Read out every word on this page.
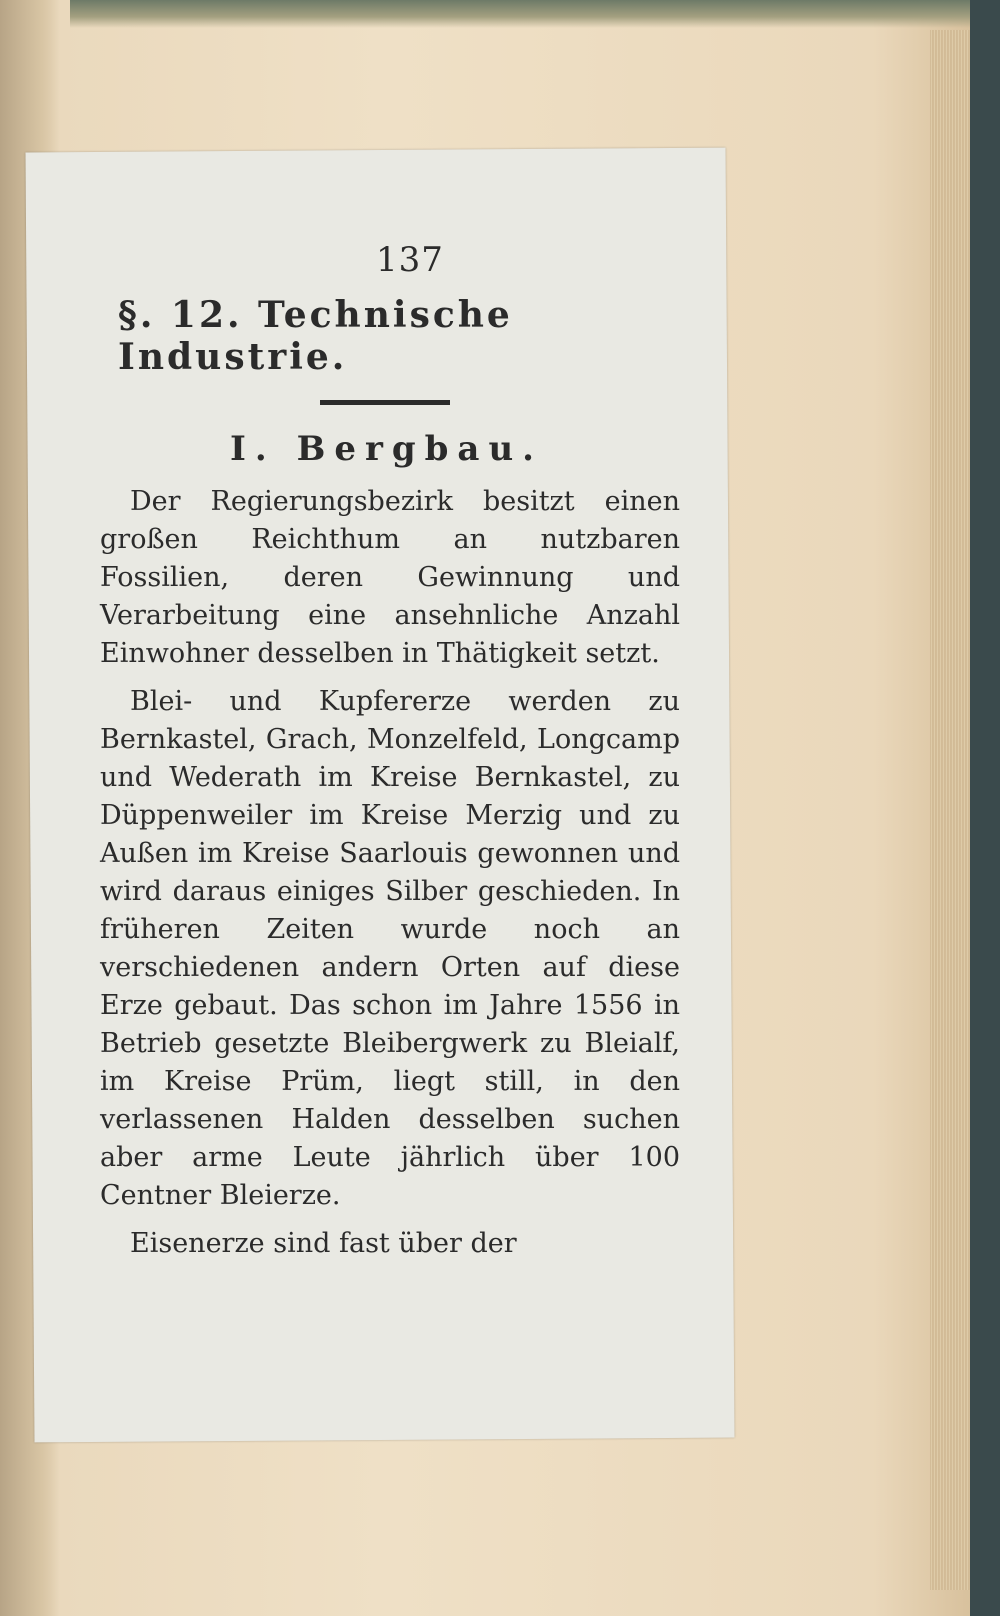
137
§. 12. Technische Industrie.
I. Bergbau.

Der Regierungsbezirk besitzt einen großen Reichthum an nutzbaren Fossilien, deren Gewinnung und Verarbeitung eine ansehnliche Anzahl Einwohner desselben in Thätigkeit setzt.

Blei- und Kupfererze werden zu Bernkastel, Grach, Monzelfeld, Longcamp und Wederath im Kreise Bernkastel, zu Düppenweiler im Kreise Merzig und zu Außen im Kreise Saarlouis gewonnen und wird daraus einiges Silber geschieden. In früheren Zeiten wurde noch an verschiedenen andern Orten auf diese Erze gebaut. Das schon im Jahre 1556 in Betrieb gesetzte Bleibergwerk zu Bleialf, im Kreise Prüm, liegt still, in den verlassenen Halden desselben suchen aber arme Leute jährlich über 100 Centner Bleierze.

Eisenerze sind fast über der
